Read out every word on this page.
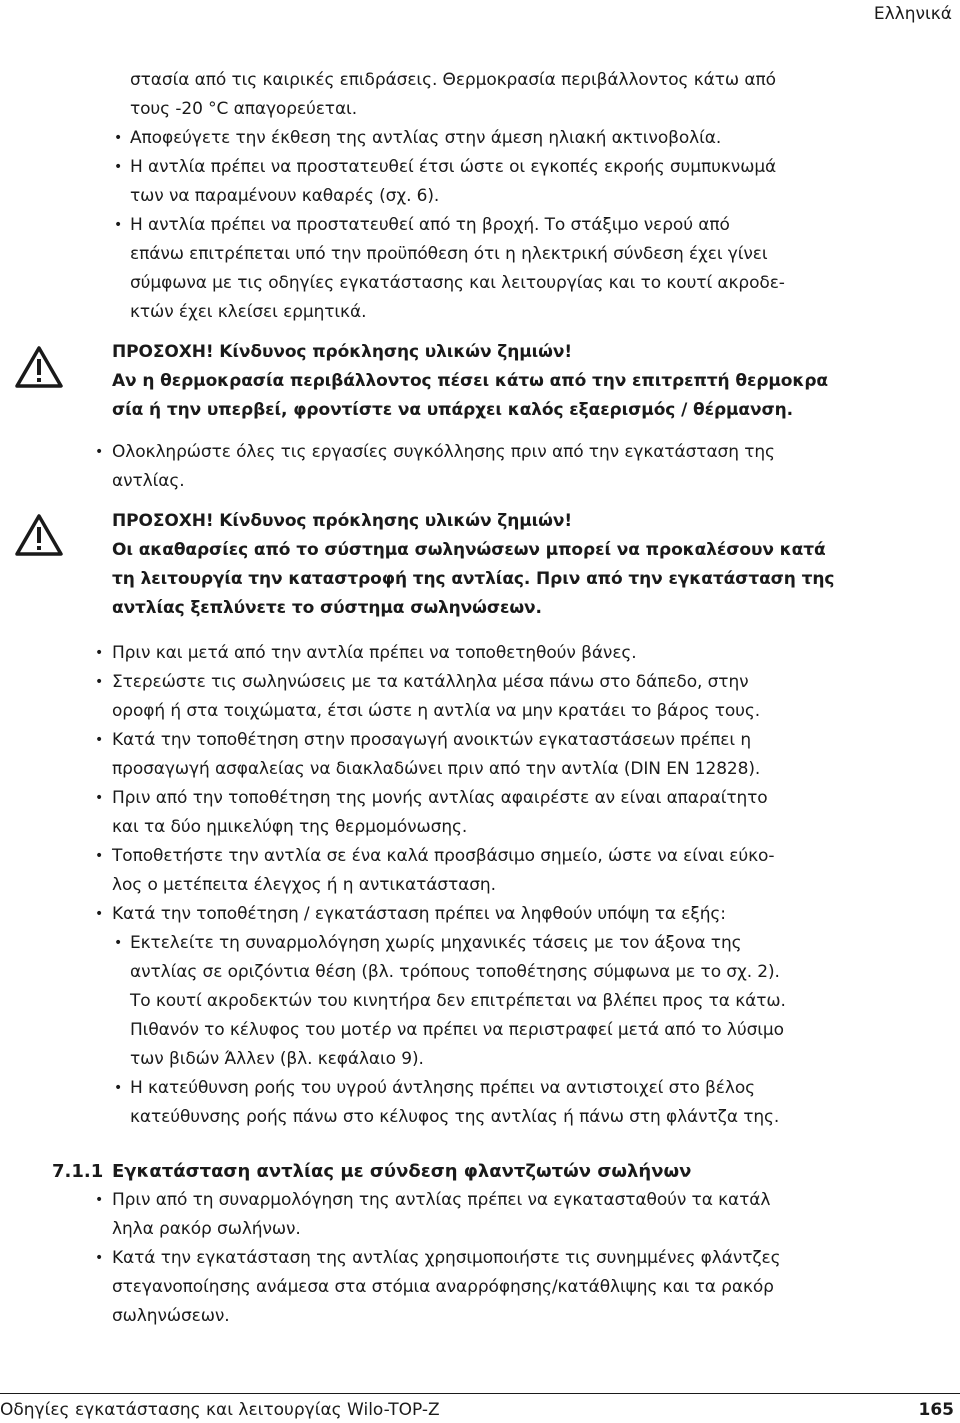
Ελληνικά
στασία από τις καιρικές επιδράσεις. Θερμοκρασία περιβάλλοντος κάτω από
τους -20 °C απαγορεύεται.
• Αποφεύγετε την έκθεση της αντλίας στην άμεση ηλιακή ακτινοβολία.
• Η αντλία πρέπει να προστατευθεί έτσι ώστε οι εγκοπές εκροής συμπυκνωμά
των να παραμένουν καθαρές (σχ. 6).
• Η αντλία πρέπει να προστατευθεί από τη βροχή. Το στάξιμο νερού από
επάνω επιτρέπεται υπό την προϋπόθεση ότι η ηλεκτρική σύνδεση έχει γίνει
σύμφωνα με τις οδηγίες εγκατάστασης και λειτουργίας και το κουτί ακροδε-
κτών έχει κλείσει ερμητικά.
ΠΡΟΣΟΧΗ! Κίνδυνος πρόκλησης υλικών ζημιών!
Αν η θερμοκρασία περιβάλλοντος πέσει κάτω από την επιτρεπτή θερμοκρα
σία ή την υπερβεί, φροντίστε να υπάρχει καλός εξαερισμός / θέρμανση.
• Ολοκληρώστε όλες τις εργασίες συγκόλλησης πριν από την εγκατάσταση της
αντλίας.
ΠΡΟΣΟΧΗ! Κίνδυνος πρόκλησης υλικών ζημιών!
Οι ακαθαρσίες από το σύστημα σωληνώσεων μπορεί να προκαλέσουν κατά
τη λειτουργία την καταστροφή της αντλίας. Πριν από την εγκατάσταση της
αντλίας ξεπλύνετε το σύστημα σωληνώσεων.
• Πριν και μετά από την αντλία πρέπει να τοποθετηθούν βάνες.
• Στερεώστε τις σωληνώσεις με τα κατάλληλα μέσα πάνω στο δάπεδο, στην
οροφή ή στα τοιχώματα, έτσι ώστε η αντλία να μην κρατάει το βάρος τους.
• Κατά την τοποθέτηση στην προσαγωγή ανοικτών εγκαταστάσεων πρέπει η
προσαγωγή ασφαλείας να διακλαδώνει πριν από την αντλία (DIN EN 12828).
• Πριν από την τοποθέτηση της μονής αντλίας αφαιρέστε αν είναι απαραίτητο
και τα δύο ημικελύφη της θερμομόνωσης.
• Τοποθετήστε την αντλία σε ένα καλά προσβάσιμο σημείο, ώστε να είναι εύκο-
λος ο μετέπειτα έλεγχος ή η αντικατάσταση.
• Κατά την τοποθέτηση / εγκατάσταση πρέπει να ληφθούν υπόψη τα εξής:
• Εκτελείτε τη συναρμολόγηση χωρίς μηχανικές τάσεις με τον άξονα της
αντλίας σε οριζόντια θέση (βλ. τρόπους τοποθέτησης σύμφωνα με το σχ. 2).
Το κουτί ακροδεκτών του κινητήρα δεν επιτρέπεται να βλέπει προς τα κάτω.
Πιθανόν το κέλυφος του μοτέρ να πρέπει να περιστραφεί μετά από το λύσιμο
των βιδών Άλλεν (βλ. κεφάλαιο 9).
• Η κατεύθυνση ροής του υγρού άντλησης πρέπει να αντιστοιχεί στο βέλος
κατεύθυνσης ροής πάνω στο κέλυφος της αντλίας ή πάνω στη φλάντζα της.
7.1.1 Εγκατάσταση αντλίας με σύνδεση φλαντζωτών σωλήνων
• Πριν από τη συναρμολόγηση της αντλίας πρέπει να εγκατασταθούν τα κατάλ
ληλα ρακόρ σωλήνων.
• Κατά την εγκατάσταση της αντλίας χρησιμοποιήστε τις συνημμένες φλάντζες
στεγανοποίησης ανάμεσα στα στόμια αναρρόφησης/κατάθλιψης και τα ρακόρ
σωληνώσεων.
Οδηγίες εγκατάστασης και λειτουργίας Wilo-TOP-Z	165
